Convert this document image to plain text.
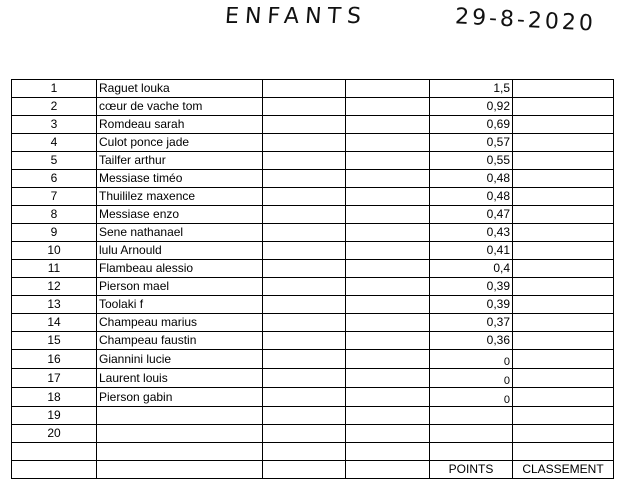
ENFANTS	29-8-2020
1	Raguet louka			1,5	
2	cœur de vache tom			0,92	
3	Romdeau sarah			0,69	
4	Culot ponce jade			0,57	
5	Tailfer arthur			0,55	
6	Messiase timéo			0,48	
7	Thuililez maxence			0,48	
8	Messiase enzo			0,47	
9	Sene nathanael			0,43	
10	lulu Arnould			0,41	
11	Flambeau alessio			0,4	
12	Pierson mael			0,39	
13	Toolaki f			0,39	
14	Champeau marius			0,37	
15	Champeau faustin			0,36	
16	Giannini lucie			0	
17	Laurent louis			0	
18	Pierson gabin			0	
19					
20					

				POINTS	CLASSEMENT
